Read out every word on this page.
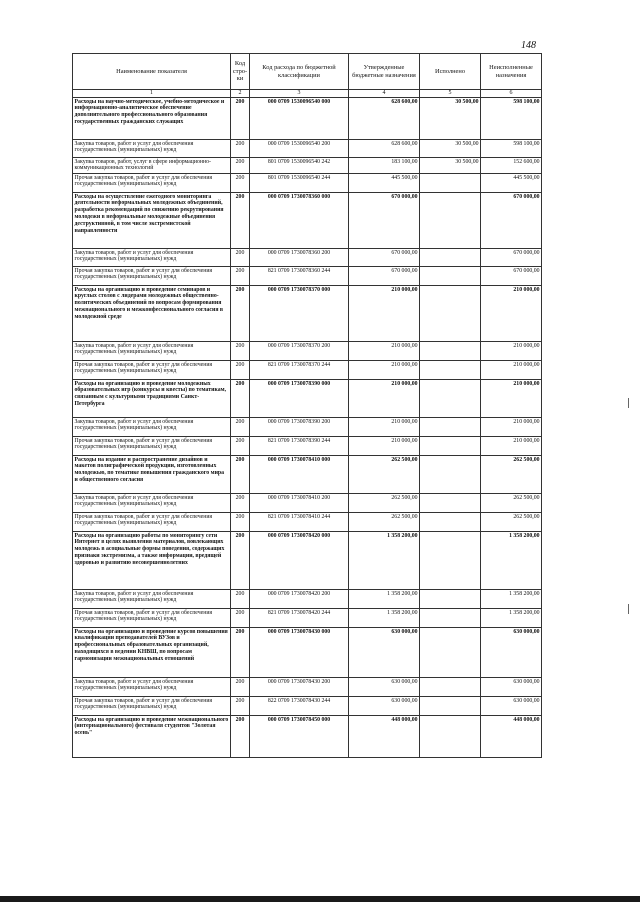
148
Наименование показателя	Код стро-ки	Код расхода по бюджетной классификации	Утвержденные бюджетные назначения	Исполнено	Неисполненные назначения
1	2	3	4	5	6
Расходы на научно-методическое, учебно-методическое и информационно-аналитическое обеспечение дополнительного профессионального образования государственных гражданских служащих	200	000 0709 1530096540 000	628 600,00	30 500,00	598 100,00
Закупка товаров, работ и услуг для обеспечения государственных (муниципальных) нужд	200	000 0709 1530096540 200	628 600,00	30 500,00	598 100,00
Закупка товаров, работ, услуг в сфере информационно-коммуникационных технологий	200	801 0709 1530096540 242	183 100,00	30 500,00	152 600,00
Прочая закупка товаров, работ и услуг для обеспечения государственных (муниципальных) нужд	200	801 0709 1530096540 244	445 500,00		445 500,00
Расходы на осуществление ежегодного мониторинга деятельности неформальных молодежных объединений, разработка рекомендаций по снижению рекрутирования молодежи в неформальные молодежные объединения деструктивной, в том числе экстремистской направленности	200	000 0709 1730078360 000	670 000,00		670 000,00
Закупка товаров, работ и услуг для обеспечения государственных (муниципальных) нужд	200	000 0709 1730078360 200	670 000,00		670 000,00
Прочая закупка товаров, работ и услуг для обеспечения государственных (муниципальных) нужд	200	821 0709 1730078360 244	670 000,00		670 000,00
Расходы на организацию и проведение семинаров и круглых столов с лидерами молодежных общественно-политических объединений по вопросам формирования межнационального и межконфессионального согласия в молодежной среде	200	000 0709 1730078370 000	210 000,00		210 000,00
Закупка товаров, работ и услуг для обеспечения государственных (муниципальных) нужд	200	000 0709 1730078370 200	210 000,00		210 000,00
Прочая закупка товаров, работ и услуг для обеспечения государственных (муниципальных) нужд	200	821 0709 1730078370 244	210 000,00		210 000,00
Расходы на организацию и проведение молодежных образовательных игр (конкурсы и квесты) по тематикам, связанным с культурными традициями Санкт-Петербурга	200	000 0709 1730078390 000	210 000,00		210 000,00
Закупка товаров, работ и услуг для обеспечения государственных (муниципальных) нужд	200	000 0709 1730078390 200	210 000,00		210 000,00
Прочая закупка товаров, работ и услуг для обеспечения государственных (муниципальных) нужд	200	821 0709 1730078390 244	210 000,00		210 000,00
Расходы на издание и распространение дизайнов и макетов полиграфической продукции, изготовленных молодежью, по тематике повышения гражданского мира и общественного согласия	200	000 0709 1730078410 000	262 500,00		262 500,00
Закупка товаров, работ и услуг для обеспечения государственных (муниципальных) нужд	200	000 0709 1730078410 200	262 500,00		262 500,00
Прочая закупка товаров, работ и услуг для обеспечения государственных (муниципальных) нужд	200	821 0709 1730078410 244	262 500,00		262 500,00
Расходы на организацию работы по мониторингу сети Интернет в целях выявления материалов, вовлекающих молодежь в асоциальные формы поведения, содержащих признаки экстремизма, а также информации, вредящей здоровью и развитию несовершеннолетних	200	000 0709 1730078420 000	1 358 200,00		1 358 200,00
Закупка товаров, работ и услуг для обеспечения государственных (муниципальных) нужд	200	000 0709 1730078420 200	1 358 200,00		1 358 200,00
Прочая закупка товаров, работ и услуг для обеспечения государственных (муниципальных) нужд	200	821 0709 1730078420 244	1 358 200,00		1 358 200,00
Расходы на организацию и проведение курсов повышения квалификации преподавателей ВУЗов и профессиональных образовательных организаций, находящихся в ведении КНВШ, по вопросам гармонизации межнациональных отношений	200	000 0709 1730078430 000	630 000,00		630 000,00
Закупка товаров, работ и услуг для обеспечения государственных (муниципальных) нужд	200	000 0709 1730078430 200	630 000,00		630 000,00
Прочая закупка товаров, работ и услуг для обеспечения государственных (муниципальных) нужд	200	822 0709 1730078430 244	630 000,00		630 000,00
Расходы на организацию и проведение межнационального (интернационального) фестиваля студентов "Золотая осень"	200	000 0709 1730078450 000	448 000,00		448 000,00
